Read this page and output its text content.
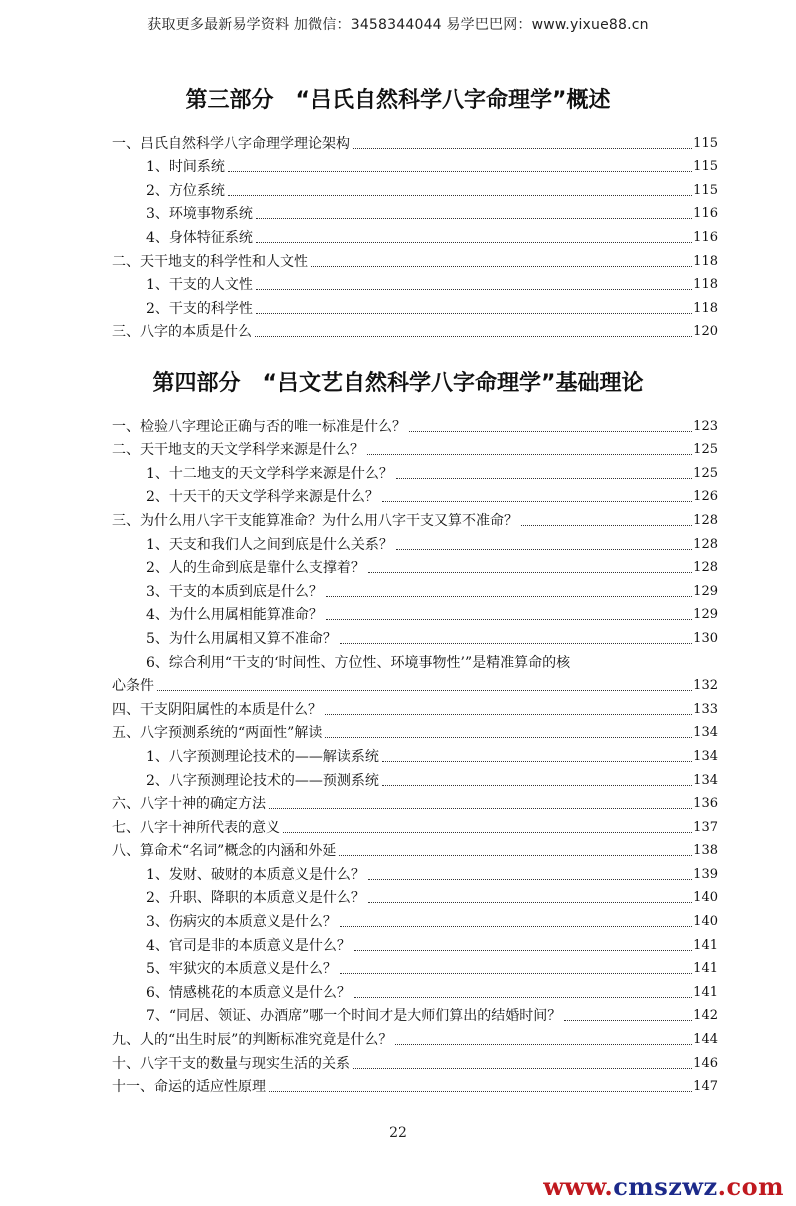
获取更多最新易学资料 加微信：3458344044 易学巴巴网：www.yixue88.cn
第三部分　“吕氏自然科学八字命理学”概述
一、吕氏自然科学八字命理学理论架构	115
1、时间系统	115
2、方位系统	115
3、环境事物系统	116
4、身体特征系统	116
二、天干地支的科学性和人文性	118
1、干支的人文性	118
2、干支的科学性	118
三、八字的本质是什么	120
第四部分　“吕文艺自然科学八字命理学”基础理论
一、检验八字理论正确与否的唯一标准是什么？	123
二、天干地支的天文学科学来源是什么？	125
1、十二地支的天文学科学来源是什么？	125
2、十天干的天文学科学来源是什么？	126
三、为什么用八字干支能算准命？为什么用八字干支又算不准命？	128
1、天支和我们人之间到底是什么关系？	128
2、人的生命到底是靠什么支撑着？	128
3、干支的本质到底是什么？	129
4、为什么用属相能算准命？	129
5、为什么用属相又算不准命？	130
6、综合利用“干支的‘时间性、方位性、环境事物性’”是精准算命的核
心条件	132
四、干支阴阳属性的本质是什么？	133
五、八字预测系统的“两面性”解读	134
1、八字预测理论技术的——解读系统	134
2、八字预测理论技术的——预测系统	134
六、八字十神的确定方法	136
七、八字十神所代表的意义	137
八、算命术“名词”概念的内涵和外延	138
1、发财、破财的本质意义是什么？	139
2、升职、降职的本质意义是什么？	140
3、伤病灾的本质意义是什么？	140
4、官司是非的本质意义是什么？	141
5、牢狱灾的本质意义是什么？	141
6、情感桃花的本质意义是什么？	141
7、“同居、领证、办酒席”哪一个时间才是大师们算出的结婚时间？	142
九、人的“出生时辰”的判断标准究竟是什么？	144
十、八字干支的数量与现实生活的关系	146
十一、命运的适应性原理	147
22
www.cmszwz.com
